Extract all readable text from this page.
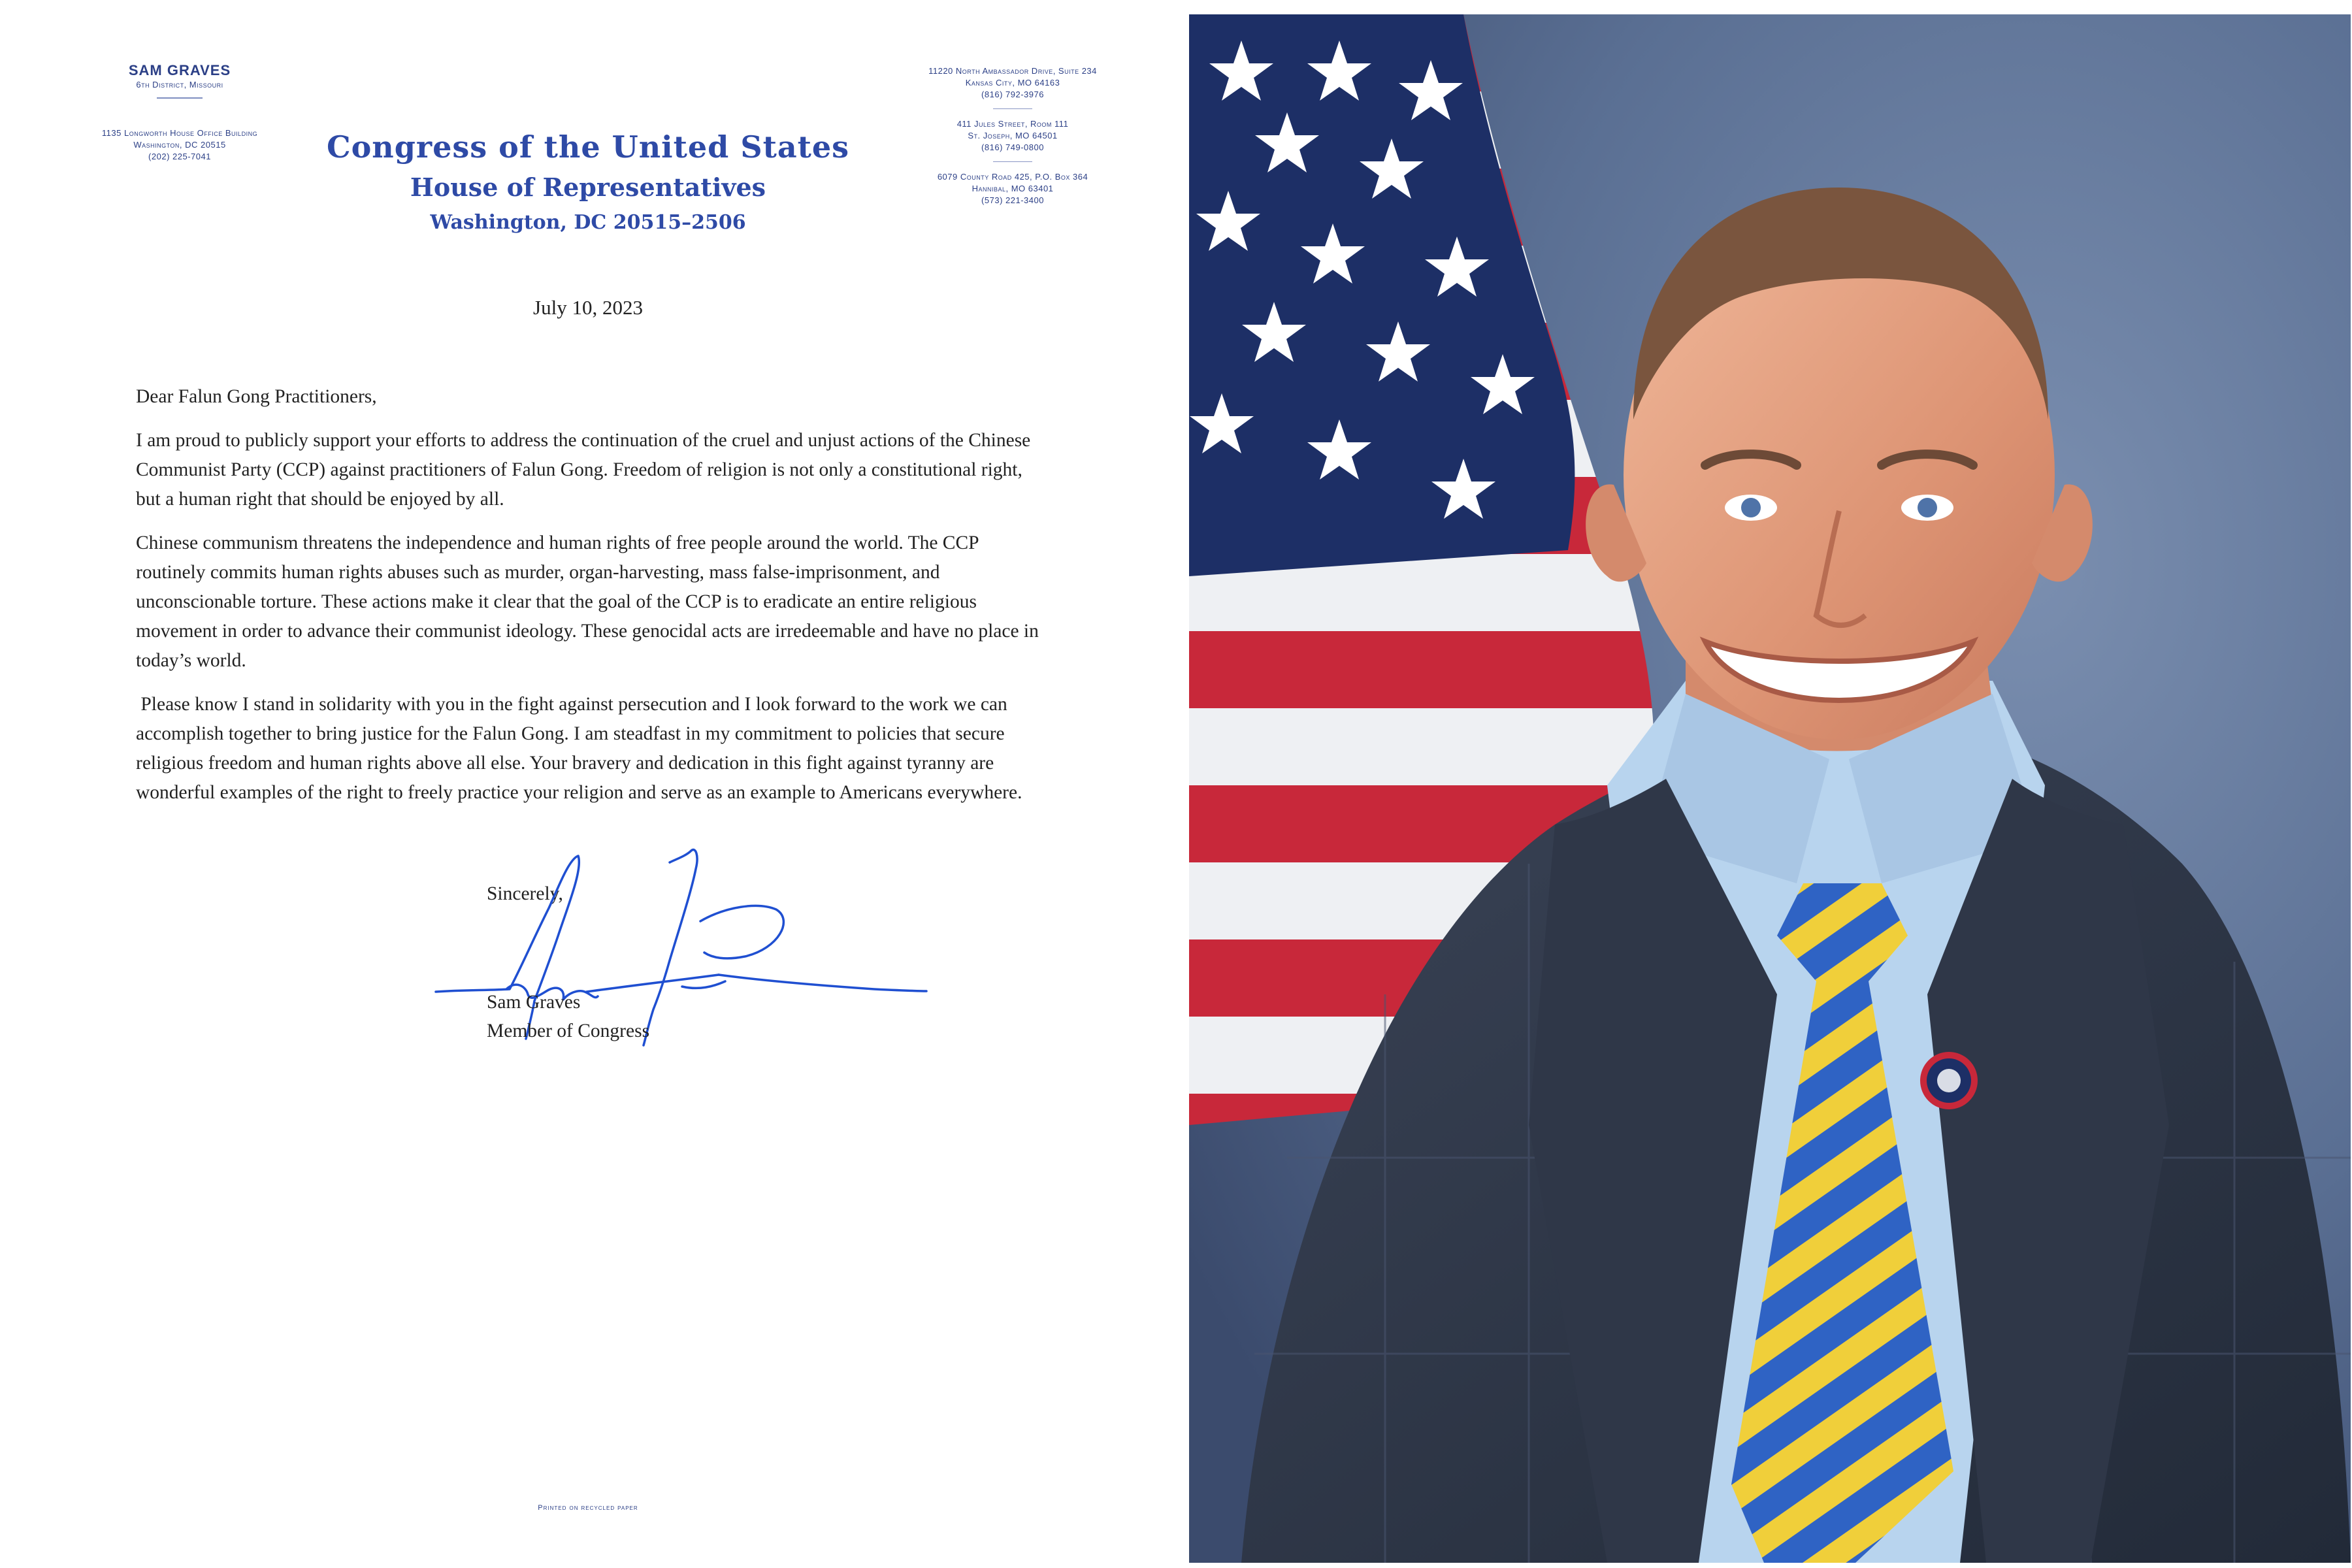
SAM GRAVES
6th District, Missouri
1135 Longworth House Office Building
Washington, DC 20515
(202) 225-7041	Congress of the United States
House of Representatives
Washington, DC 20515–2506
11220 North Ambassador Drive, Suite 234
Kansas City, MO 64163
(816) 792-3976
411 Jules Street, Room 111
St. Joseph, MO 64501
(816) 749-0800
6079 County Road 425, P.O. Box 364
Hannibal, MO 63401
(573) 221-3400
July 10, 2023

Dear Falun Gong Practitioners,

I am proud to publicly support your efforts to address the continuation of the cruel and unjust actions of the Chinese Communist Party (CCP) against practitioners of Falun Gong. Freedom of religion is not only a constitutional right, but a human right that should be enjoyed by all.

Chinese communism threatens the independence and human rights of free people around the world. The CCP routinely commits human rights abuses such as murder, organ-harvesting, mass false-imprisonment, and unconscionable torture. These actions make it clear that the goal of the CCP is to eradicate an entire religious movement in order to advance their communist ideology. These genocidal acts are irredeemable and have no place in today’s world.

Please know I stand in solidarity with you in the fight against persecution and I look forward to the work we can accomplish together to bring justice for the Falun Gong. I am steadfast in my commitment to policies that secure religious freedom and human rights above all else. Your bravery and dedication in this fight against tyranny are wonderful examples of the right to freely practice your religion and serve as an example to Americans everywhere.

Sincerely,
Sam Graves
Member of Congress
Printed on recycled paper
